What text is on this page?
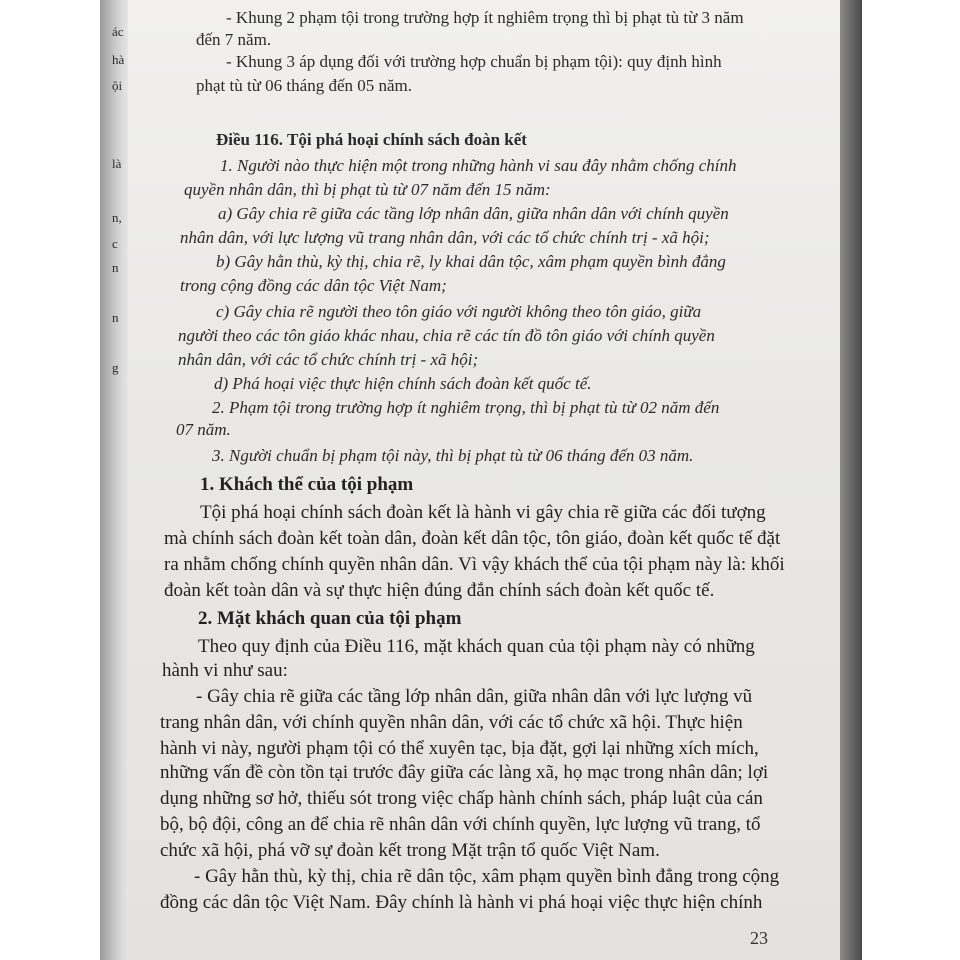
ác
hà
ội
là
n,
c
n
n
g
- Khung 2 phạm tội trong trường hợp ít nghiêm trọng thì bị phạt tù từ 3 năm
đến 7 năm.
- Khung 3 áp dụng đối với trường hợp chuẩn bị phạm tội): quy định hình
phạt tù từ 06 tháng đến 05 năm.
Điều 116. Tội phá hoại chính sách đoàn kết
1. Người nào thực hiện một trong những hành vi sau đây nhằm chống chính
quyền nhân dân, thì bị phạt tù từ 07 năm đến 15 năm:
a) Gây chia rẽ giữa các tầng lớp nhân dân, giữa nhân dân với chính quyền
nhân dân, với lực lượng vũ trang nhân dân, với các tổ chức chính trị - xã hội;
b) Gây hằn thù, kỳ thị, chia rẽ, ly khai dân tộc, xâm phạm quyền bình đẳng
trong cộng đồng các dân tộc Việt Nam;
c) Gây chia rẽ người theo tôn giáo với người không theo tôn giáo, giữa
người theo các tôn giáo khác nhau, chia rẽ các tín đồ tôn giáo với chính quyền
nhân dân, với các tổ chức chính trị - xã hội;
d) Phá hoại việc thực hiện chính sách đoàn kết quốc tế.
2. Phạm tội trong trường hợp ít nghiêm trọng, thì bị phạt tù từ 02 năm đến
07 năm.
3. Người chuẩn bị phạm tội này, thì bị phạt tù từ 06 tháng đến 03 năm.
1. Khách thể của tội phạm
Tội phá hoại chính sách đoàn kết là hành vi gây chia rẽ giữa các đối tượng
mà chính sách đoàn kết toàn dân, đoàn kết dân tộc, tôn giáo, đoàn kết quốc tế đặt
ra nhằm chống chính quyền nhân dân. Vì vậy khách thể của tội phạm này là: khối
đoàn kết toàn dân và sự thực hiện đúng đắn chính sách đoàn kết quốc tế.
2. Mặt khách quan của tội phạm
Theo quy định của Điều 116, mặt khách quan của tội phạm này có những
hành vi như sau:
- Gây chia rẽ giữa các tầng lớp nhân dân, giữa nhân dân với lực lượng vũ
trang nhân dân, với chính quyền nhân dân, với các tổ chức xã hội. Thực hiện
hành vi này, người phạm tội có thể xuyên tạc, bịa đặt, gợi lại những xích mích,
những vấn đề còn tồn tại trước đây giữa các làng xã, họ mạc trong nhân dân; lợi
dụng những sơ hở, thiếu sót trong việc chấp hành chính sách, pháp luật của cán
bộ, bộ đội, công an để chia rẽ nhân dân với chính quyền, lực lượng vũ trang, tổ
chức xã hội, phá vỡ sự đoàn kết trong Mặt trận tổ quốc Việt Nam.
- Gây hằn thù, kỳ thị, chia rẽ dân tộc, xâm phạm quyền bình đẳng trong cộng
đồng các dân tộc Việt Nam. Đây chính là hành vi phá hoại việc thực hiện chính
23
